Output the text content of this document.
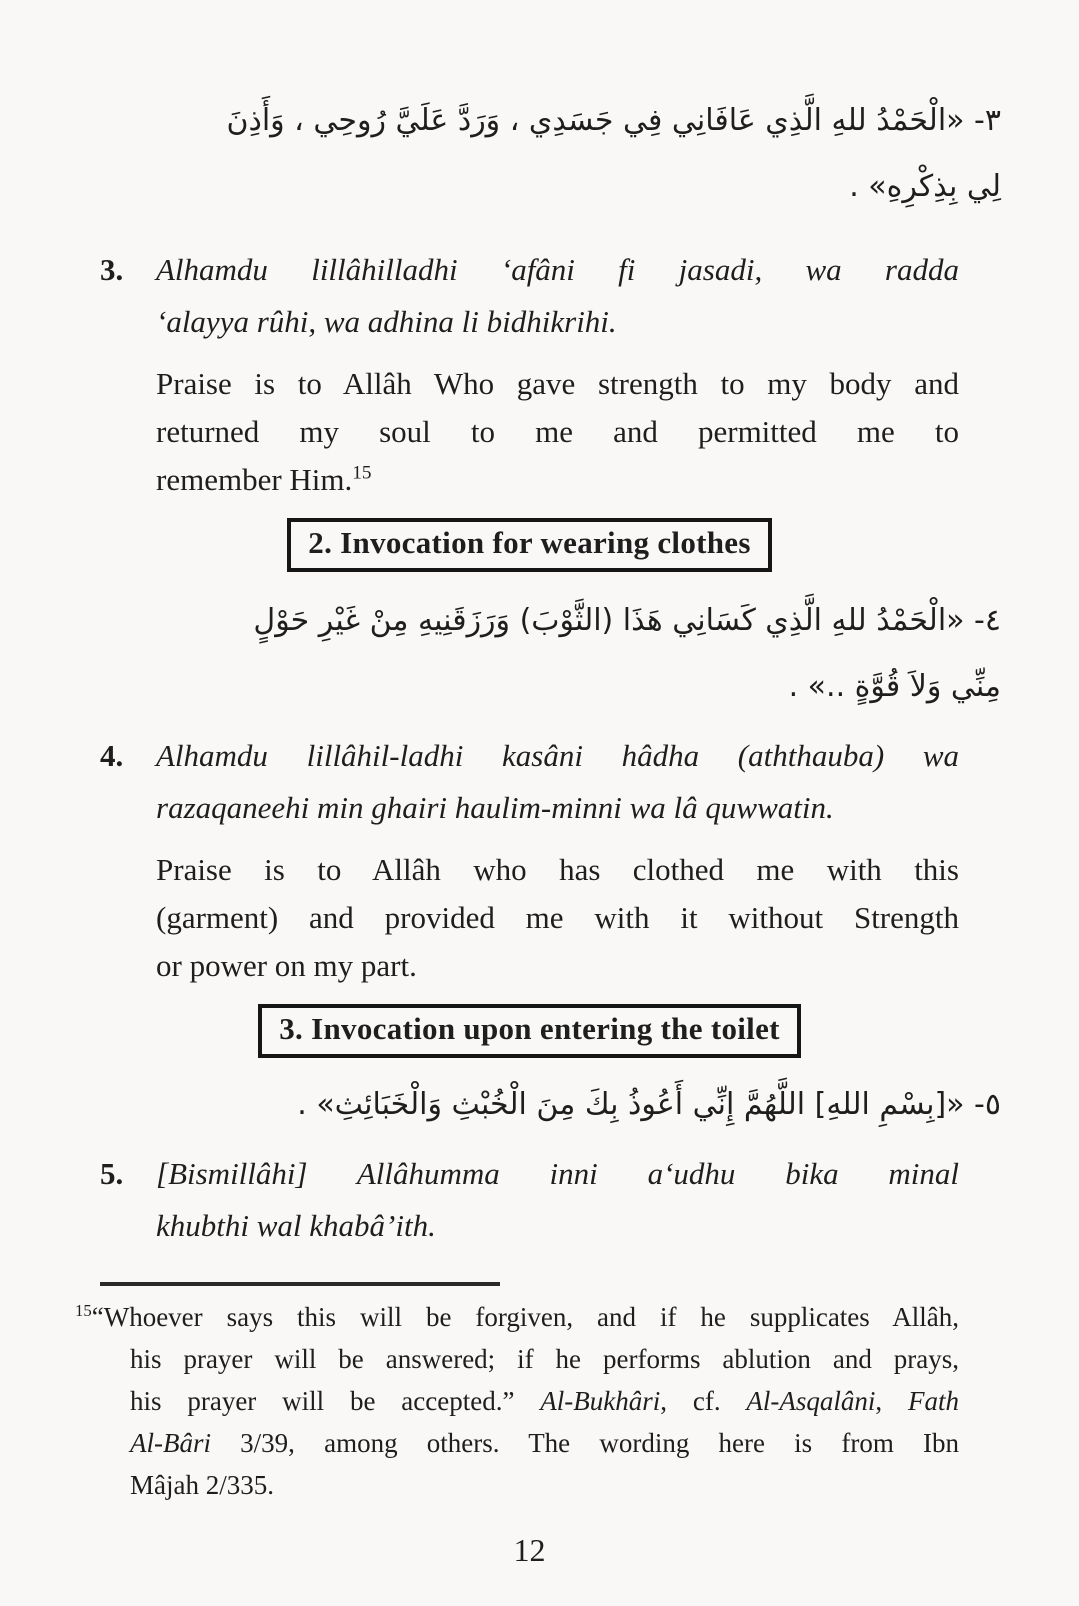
٣- «الْحَمْدُ للهِ الَّذِي عَافَانِي فِي جَسَدِي ، وَرَدَّ عَلَيَّ رُوحِي ، وَأَذِنَ
لِي بِذِكْرِهِ» .
3.	Alhamdu lillâhilladhi ‘afâni fi jasadi, wa radda
‘alayya rûhi, wa adhina li bidhikrihi.
Praise is to Allâh Who gave strength to my body and
returned my soul to me and permitted me to
remember Him.$^{15}$
2. Invocation for wearing clothes
٤- «الْحَمْدُ للهِ الَّذِي كَسَانِي هَذَا (الثَّوْبَ) وَرَزَقَنِيهِ مِنْ غَيْرِ حَوْلٍ
مِنِّي وَلاَ قُوَّةٍ ..» .
4.	Alhamdu lillâhil-ladhi kasâni hâdha (aththauba) wa
razaqaneehi min ghairi haulim-minni wa lâ quwwatin.
Praise is to Allâh who has clothed me with this
(garment) and provided me with it without Strength
or power on my part.
3. Invocation upon entering the toilet
٥- «[بِسْمِ اللهِ] اللَّهُمَّ إِنِّي أَعُوذُ بِكَ مِنَ الْخُبْثِ وَالْخَبَائِثِ» .
5.	[Bismillâhi] Allâhumma inni a‘udhu bika minal
khubthi wal khabâ’ith.
$^{15}$“Whoever says this will be forgiven, and if he supplicates Allâh,
his prayer will be answered; if he performs ablution and prays,
his prayer will be accepted.” Al-Bukhâri, cf. Al-Asqalâni, Fath
Al-Bâri 3/39, among others. The wording here is from Ibn
Mâjah 2/335.
12
